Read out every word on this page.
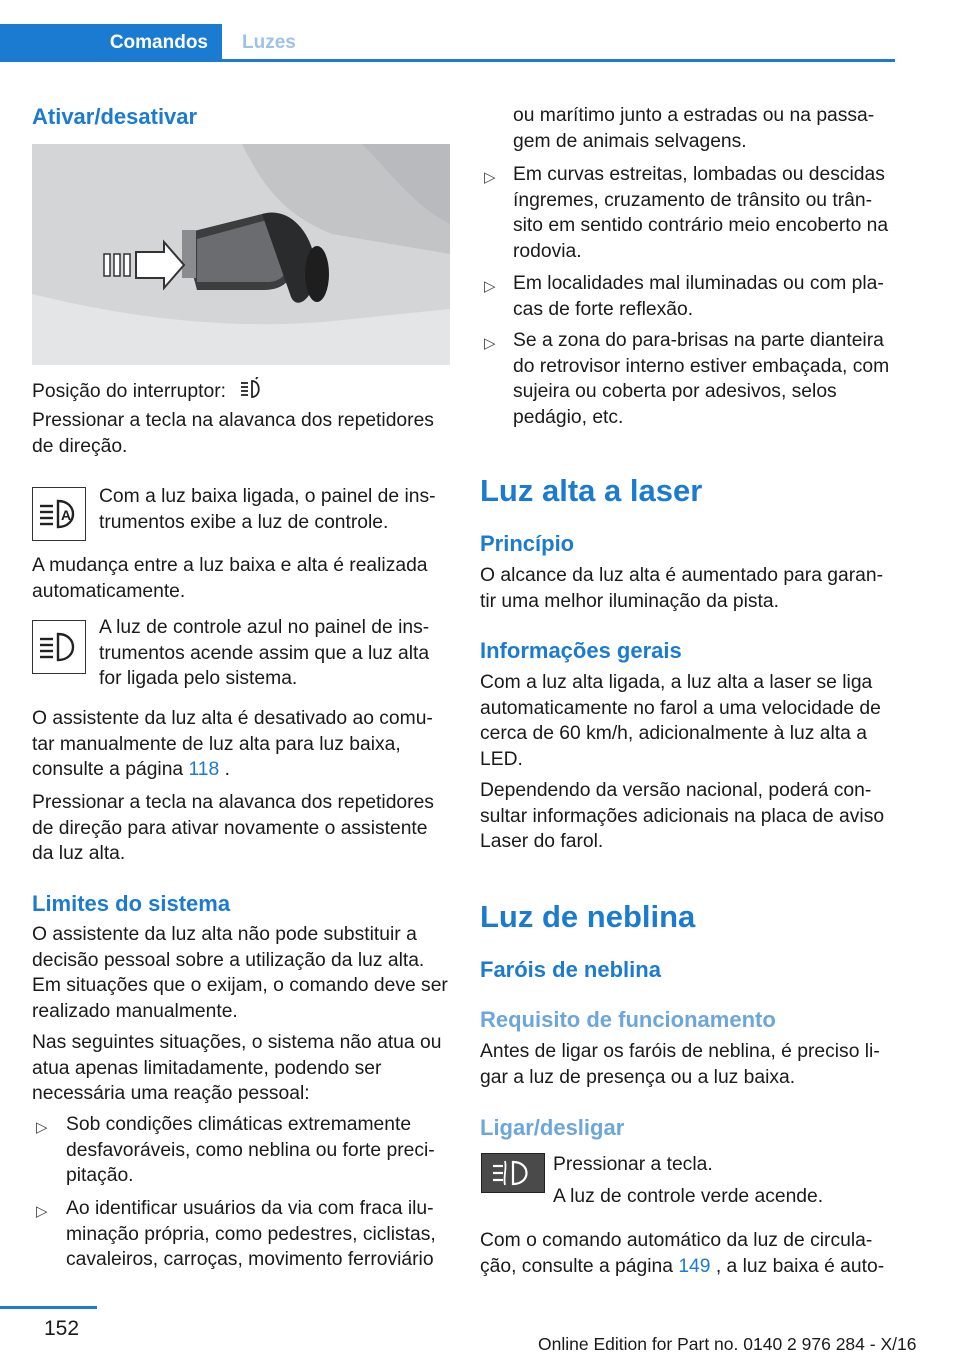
Comandos	Luzes
Ativar/desativar

Posição do interruptor:

Pressionar a tecla na alavanca dos repetidores de direção.

A

Com a luz baixa ligada, o painel de ins-trumentos exibe a luz de controle.

A mudança entre a luz baixa e alta é realizada automaticamente.

A luz de controle azul no painel de ins-trumentos acende assim que a luz alta for ligada pelo sistema.

O assistente da luz alta é desativado ao comu-tar manualmente de luz alta para luz baixa, consulte a página 118 .

Pressionar a tecla na alavanca dos repetidores de direção para ativar novamente o assistente da luz alta.

Limites do sistema

O assistente da luz alta não pode substituir a decisão pessoal sobre a utilização da luz alta. Em situações que o exijam, o comando deve ser realizado manualmente.

Nas seguintes situações, o sistema não atua ou atua apenas limitadamente, podendo ser necessária uma reação pessoal:

▷ Sob condições climáticas extremamente desfavoráveis, como neblina ou forte preci-pitação.

▷ Ao identificar usuários da via com fraca ilu-minação própria, como pedestres, ciclistas, cavaleiros, carroças, movimento ferroviário

ou marítimo junto a estradas ou na passa-gem de animais selvagens.

▷ Em curvas estreitas, lombadas ou descidas íngremes, cruzamento de trânsito ou trân-sito em sentido contrário meio encoberto na rodovia.

▷ Em localidades mal iluminadas ou com pla-cas de forte reflexão.

▷ Se a zona do para-brisas na parte dianteira do retrovisor interno estiver embaçada, com sujeira ou coberta por adesivos, selos pedágio, etc.

Luz alta a laser
Princípio

O alcance da luz alta é aumentado para garan-tir uma melhor iluminação da pista.

Informações gerais

Com a luz alta ligada, a luz alta a laser se liga automaticamente no farol a uma velocidade de cerca de 60 km/h, adicionalmente à luz alta a LED.

Dependendo da versão nacional, poderá con-sultar informações adicionais na placa de aviso Laser do farol.

Luz de neblina
Faróis de neblina
Requisito de funcionamento

Antes de ligar os faróis de neblina, é preciso li-gar a luz de presença ou a luz baixa.

Ligar/desligar

Pressionar a tecla.

A luz de controle verde acende.

Com o comando automático da luz de circula-ção, consulte a página 149 , a luz baixa é auto-

152
Online Edition for Part no. 0140 2 976 284 - X/16
